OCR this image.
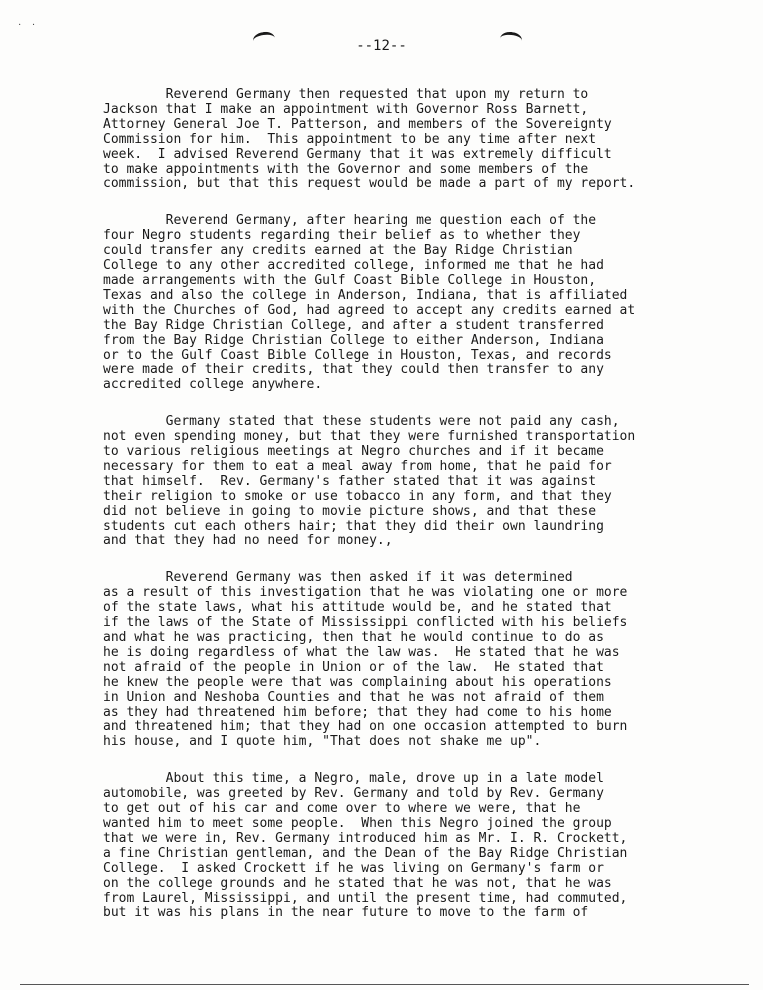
· ·
--12--

Reverend Germany then requested that upon my return to
Jackson that I make an appointment with Governor Ross Barnett,
Attorney General Joe T. Patterson, and members of the Sovereignty
Commission for him.  This appointment to be any time after next
week.  I advised Reverend Germany that it was extremely difficult
to make appointments with the Governor and some members of the
commission, but that this request would be made a part of my report.

Reverend Germany, after hearing me question each of the
four Negro students regarding their belief as to whether they
could transfer any credits earned at the Bay Ridge Christian
College to any other accredited college, informed me that he had
made arrangements with the Gulf Coast Bible College in Houston,
Texas and also the college in Anderson, Indiana, that is affiliated
with the Churches of God, had agreed to accept any credits earned at
the Bay Ridge Christian College, and after a student transferred
from the Bay Ridge Christian College to either Anderson, Indiana
or to the Gulf Coast Bible College in Houston, Texas, and records
were made of their credits, that they could then transfer to any
accredited college anywhere.

Germany stated that these students were not paid any cash,
not even spending money, but that they were furnished transportation
to various religious meetings at Negro churches and if it became
necessary for them to eat a meal away from home, that he paid for
that himself.  Rev. Germany's father stated that it was against
their religion to smoke or use tobacco in any form, and that they
did not believe in going to movie picture shows, and that these
students cut each others hair; that they did their own laundring
and that they had no need for money.,

Reverend Germany was then asked if it was determined
as a result of this investigation that he was violating one or more
of the state laws, what his attitude would be, and he stated that
if the laws of the State of Mississippi conflicted with his beliefs
and what he was practicing, then that he would continue to do as
he is doing regardless of what the law was.  He stated that he was
not afraid of the people in Union or of the law.  He stated that
he knew the people were that was complaining about his operations
in Union and Neshoba Counties and that he was not afraid of them
as they had threatened him before; that they had come to his home
and threatened him; that they had on one occasion attempted to burn
his house, and I quote him, "That does not shake me up".

About this time, a Negro, male, drove up in a late model
automobile, was greeted by Rev. Germany and told by Rev. Germany
to get out of his car and come over to where we were, that he
wanted him to meet some people.  When this Negro joined the group
that we were in, Rev. Germany introduced him as Mr. I. R. Crockett,
a fine Christian gentleman, and the Dean of the Bay Ridge Christian
College.  I asked Crockett if he was living on Germany's farm or
on the college grounds and he stated that he was not, that he was
from Laurel, Mississippi, and until the present time, had commuted,
but it was his plans in the near future to move to the farm of
